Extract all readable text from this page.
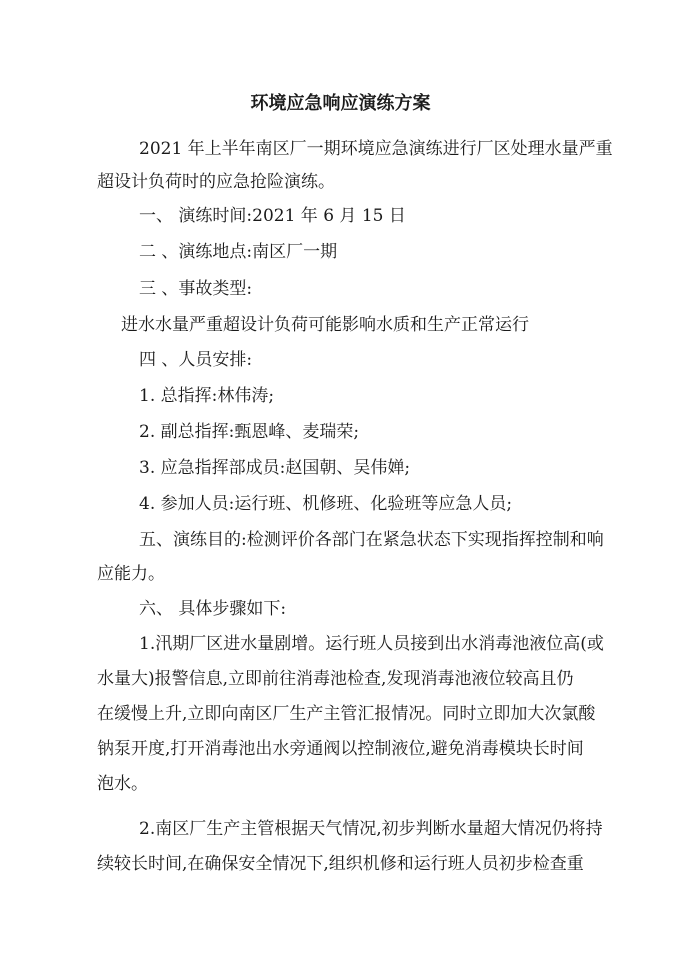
环境应急响应演练方案

2021 年上半年南区厂一期环境应急演练进行厂区处理水量严重

超设计负荷时的应急抢险演练。

一、 演练时间:2021 年 6 月 15 日

二 、演练地点:南区厂一期

三 、事故类型:

进水水量严重超设计负荷可能影响水质和生产正常运行

四 、人员安排:

1. 总指挥:林伟涛;

2. 副总指挥:甄恩峰、麦瑞荣;

3. 应急指挥部成员:赵国朝、吴伟婵;

4. 参加人员:运行班、机修班、化验班等应急人员;

五、演练目的:检测评价各部门在紧急状态下实现指挥控制和响

应能力。

六、 具体步骤如下:

1.汛期厂区进水量剧增。运行班人员接到出水消毒池液位高(或

水量大)报警信息,立即前往消毒池检查,发现消毒池液位较高且仍

在缓慢上升,立即向南区厂生产主管汇报情况。同时立即加大次氯酸

钠泵开度,打开消毒池出水旁通阀以控制液位,避免消毒模块长时间

泡水。

2.南区厂生产主管根据天气情况,初步判断水量超大情况仍将持

续较长时间,在确保安全情况下,组织机修和运行班人员初步检查重
